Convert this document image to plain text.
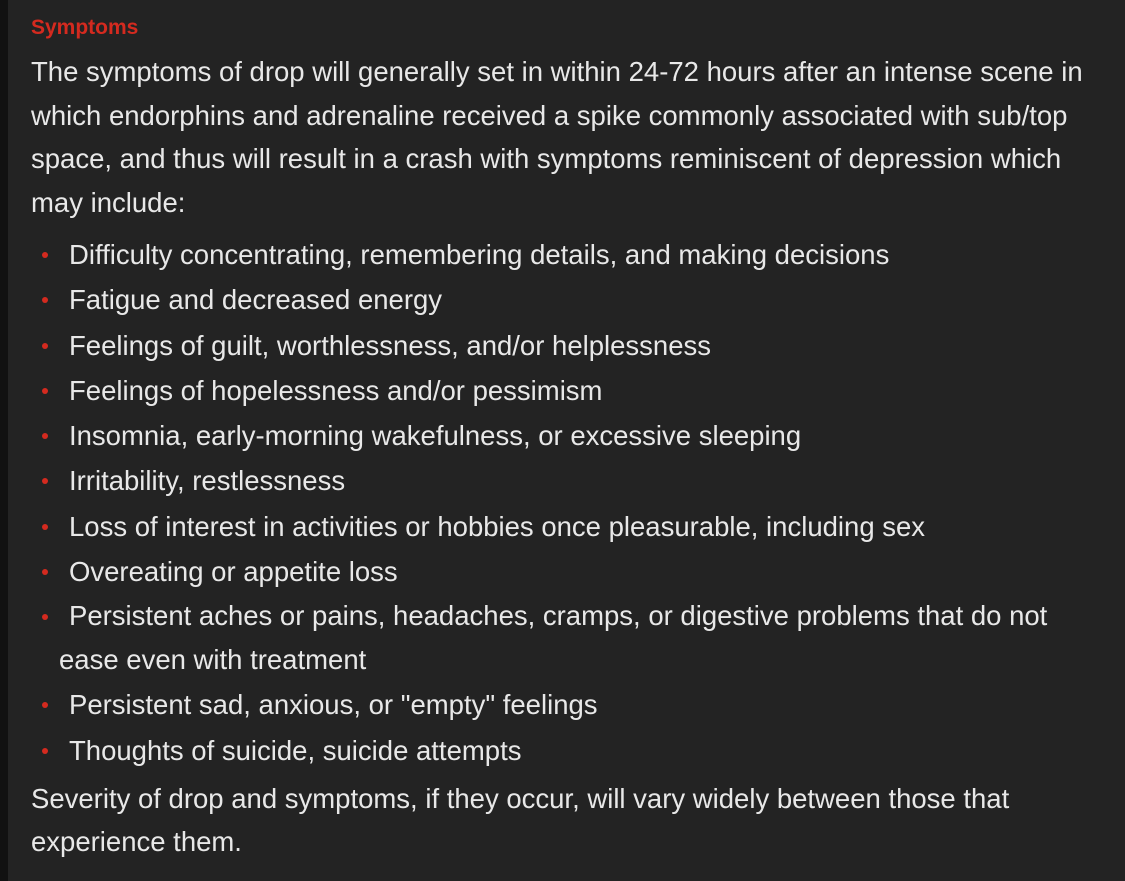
Symptoms

The symptoms of drop will generally set in within 24-72 hours after an intense scene in which endorphins and adrenaline received a spike commonly associated with sub/top space, and thus will result in a crash with symptoms reminiscent of depression which may include:

Difficulty concentrating, remembering details, and making decisions
Fatigue and decreased energy
Feelings of guilt, worthlessness, and/or helplessness
Feelings of hopelessness and/or pessimism
Insomnia, early-morning wakefulness, or excessive sleeping
Irritability, restlessness
Loss of interest in activities or hobbies once pleasurable, including sex
Overeating or appetite loss
Persistent aches or pains, headaches, cramps, or digestive problems that do not ease even with treatment
Persistent sad, anxious, or "empty" feelings
Thoughts of suicide, suicide attempts

Severity of drop and symptoms, if they occur, will vary widely between those that experience them.
